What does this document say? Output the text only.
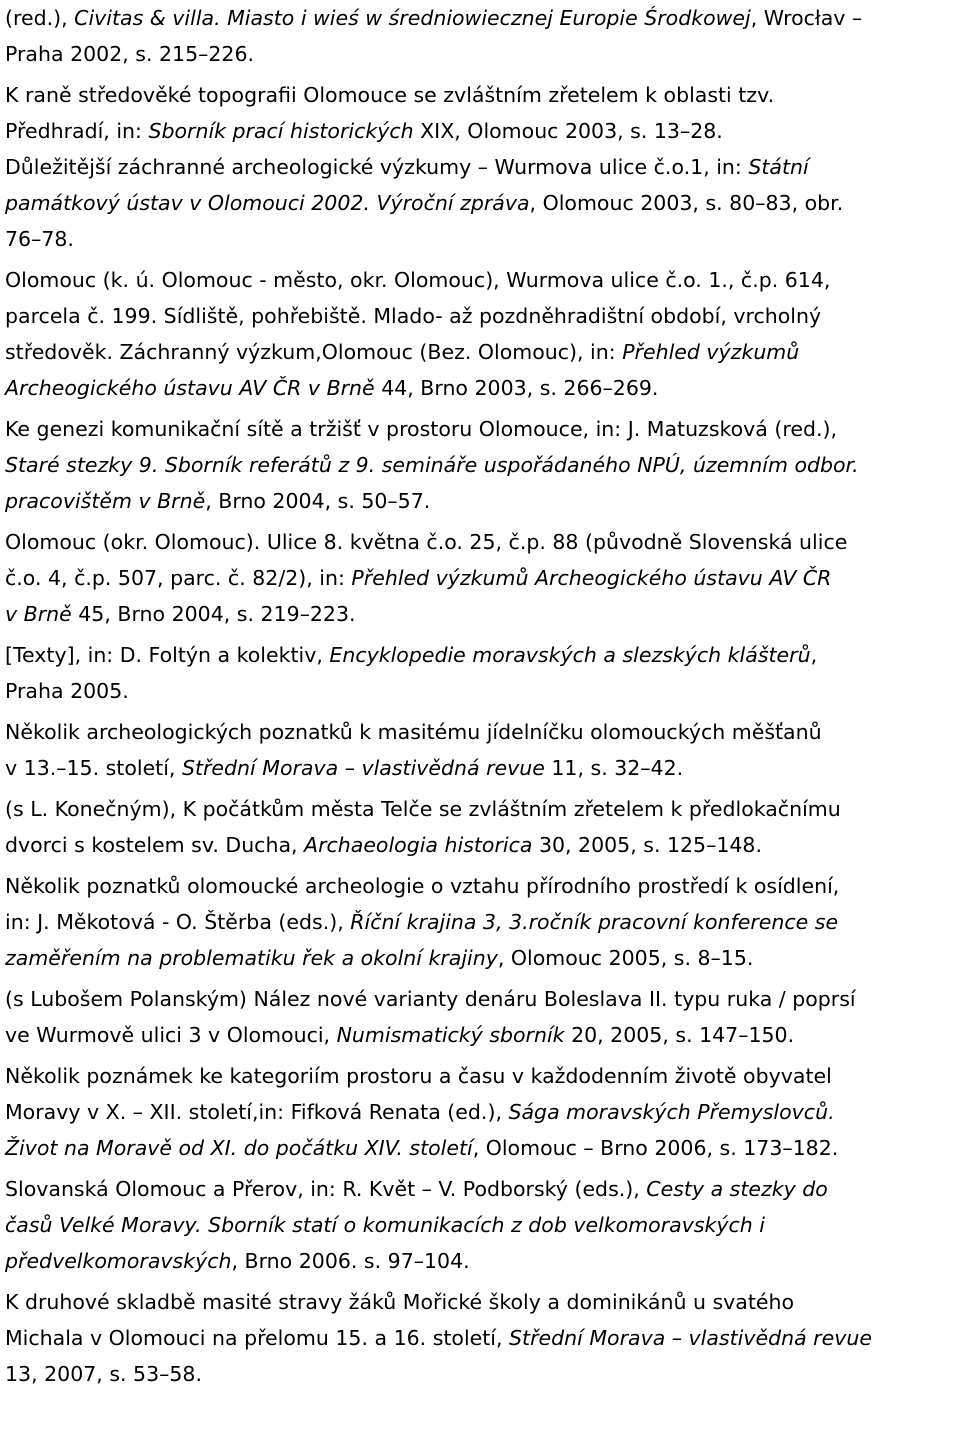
(red.), Civitas & villa. Miasto i wieś w średniowiecznej Europie Środkowej, Wrocłav –
Praha 2002, s. 215–226.
K raně středověké topografii Olomouce se zvláštním zřetelem k oblasti tzv.
Předhradí, in: Sborník prací historických XIX, Olomouc 2003, s. 13–28.
Důležitější záchranné archeologické výzkumy – Wurmova ulice č.o.1, in: Státní
památkový ústav v Olomouci 2002. Výroční zpráva, Olomouc 2003, s. 80–83, obr.
76–78.
Olomouc (k. ú. Olomouc - město, okr. Olomouc), Wurmova ulice č.o. 1., č.p. 614,
parcela č. 199. Sídliště, pohřebiště. Mlado- až pozdněhradištní období, vrcholný
středověk. Záchranný výzkum,Olomouc (Bez. Olomouc), in: Přehled výzkumů
Archeogického ústavu AV ČR v Brně 44, Brno 2003, s. 266–269.
Ke genezi komunikační sítě a tržišť v prostoru Olomouce, in: J. Matuzsková (red.),
Staré stezky 9. Sborník referátů z 9. semináře uspořádaného NPÚ, územním odbor.
pracovištěm v Brně, Brno 2004, s. 50–57.
Olomouc (okr. Olomouc). Ulice 8. května č.o. 25, č.p. 88 (původně Slovenská ulice
č.o. 4, č.p. 507, parc. č. 82/2), in: Přehled výzkumů Archeogického ústavu AV ČR
v Brně 45, Brno 2004, s. 219–223.
[Texty], in: D. Foltýn a kolektiv, Encyklopedie moravských a slezských klášterů,
Praha 2005.
Několik archeologických poznatků k masitému jídelníčku olomouckých měšťanů
v 13.–15. století, Střední Morava – vlastivědná revue 11, s. 32–42.
(s L. Konečným), K počátkům města Telče se zvláštním zřetelem k předlokačnímu
dvorci s kostelem sv. Ducha, Archaeologia historica 30, 2005, s. 125–148.
Několik poznatků olomoucké archeologie o vztahu přírodního prostředí k osídlení,
in: J. Měkotová - O. Štěrba (eds.), Říční krajina 3, 3.ročník pracovní konference se
zaměřením na problematiku řek a okolní krajiny, Olomouc 2005, s. 8–15.
(s Lubošem Polanským) Nález nové varianty denáru Boleslava II. typu ruka / poprsí
ve Wurmově ulici 3 v Olomouci, Numismatický sborník 20, 2005, s. 147–150.
Několik poznámek ke kategoriím prostoru a času v každodenním životě obyvatel
Moravy v X. – XII. století,in: Fifková Renata (ed.), Sága moravských Přemyslovců.
Život na Moravě od XI. do počátku XIV. století, Olomouc – Brno 2006, s. 173–182.
Slovanská Olomouc a Přerov, in: R. Květ – V. Podborský (eds.), Cesty a stezky do
časů Velké Moravy. Sborník statí o komunikacích z dob velkomoravských i
předvelkomoravských, Brno 2006. s. 97–104.
K druhové skladbě masité stravy žáků Mořické školy a dominikánů u svatého
Michala v Olomouci na přelomu 15. a 16. století, Střední Morava – vlastivědná revue
13, 2007, s. 53–58.
